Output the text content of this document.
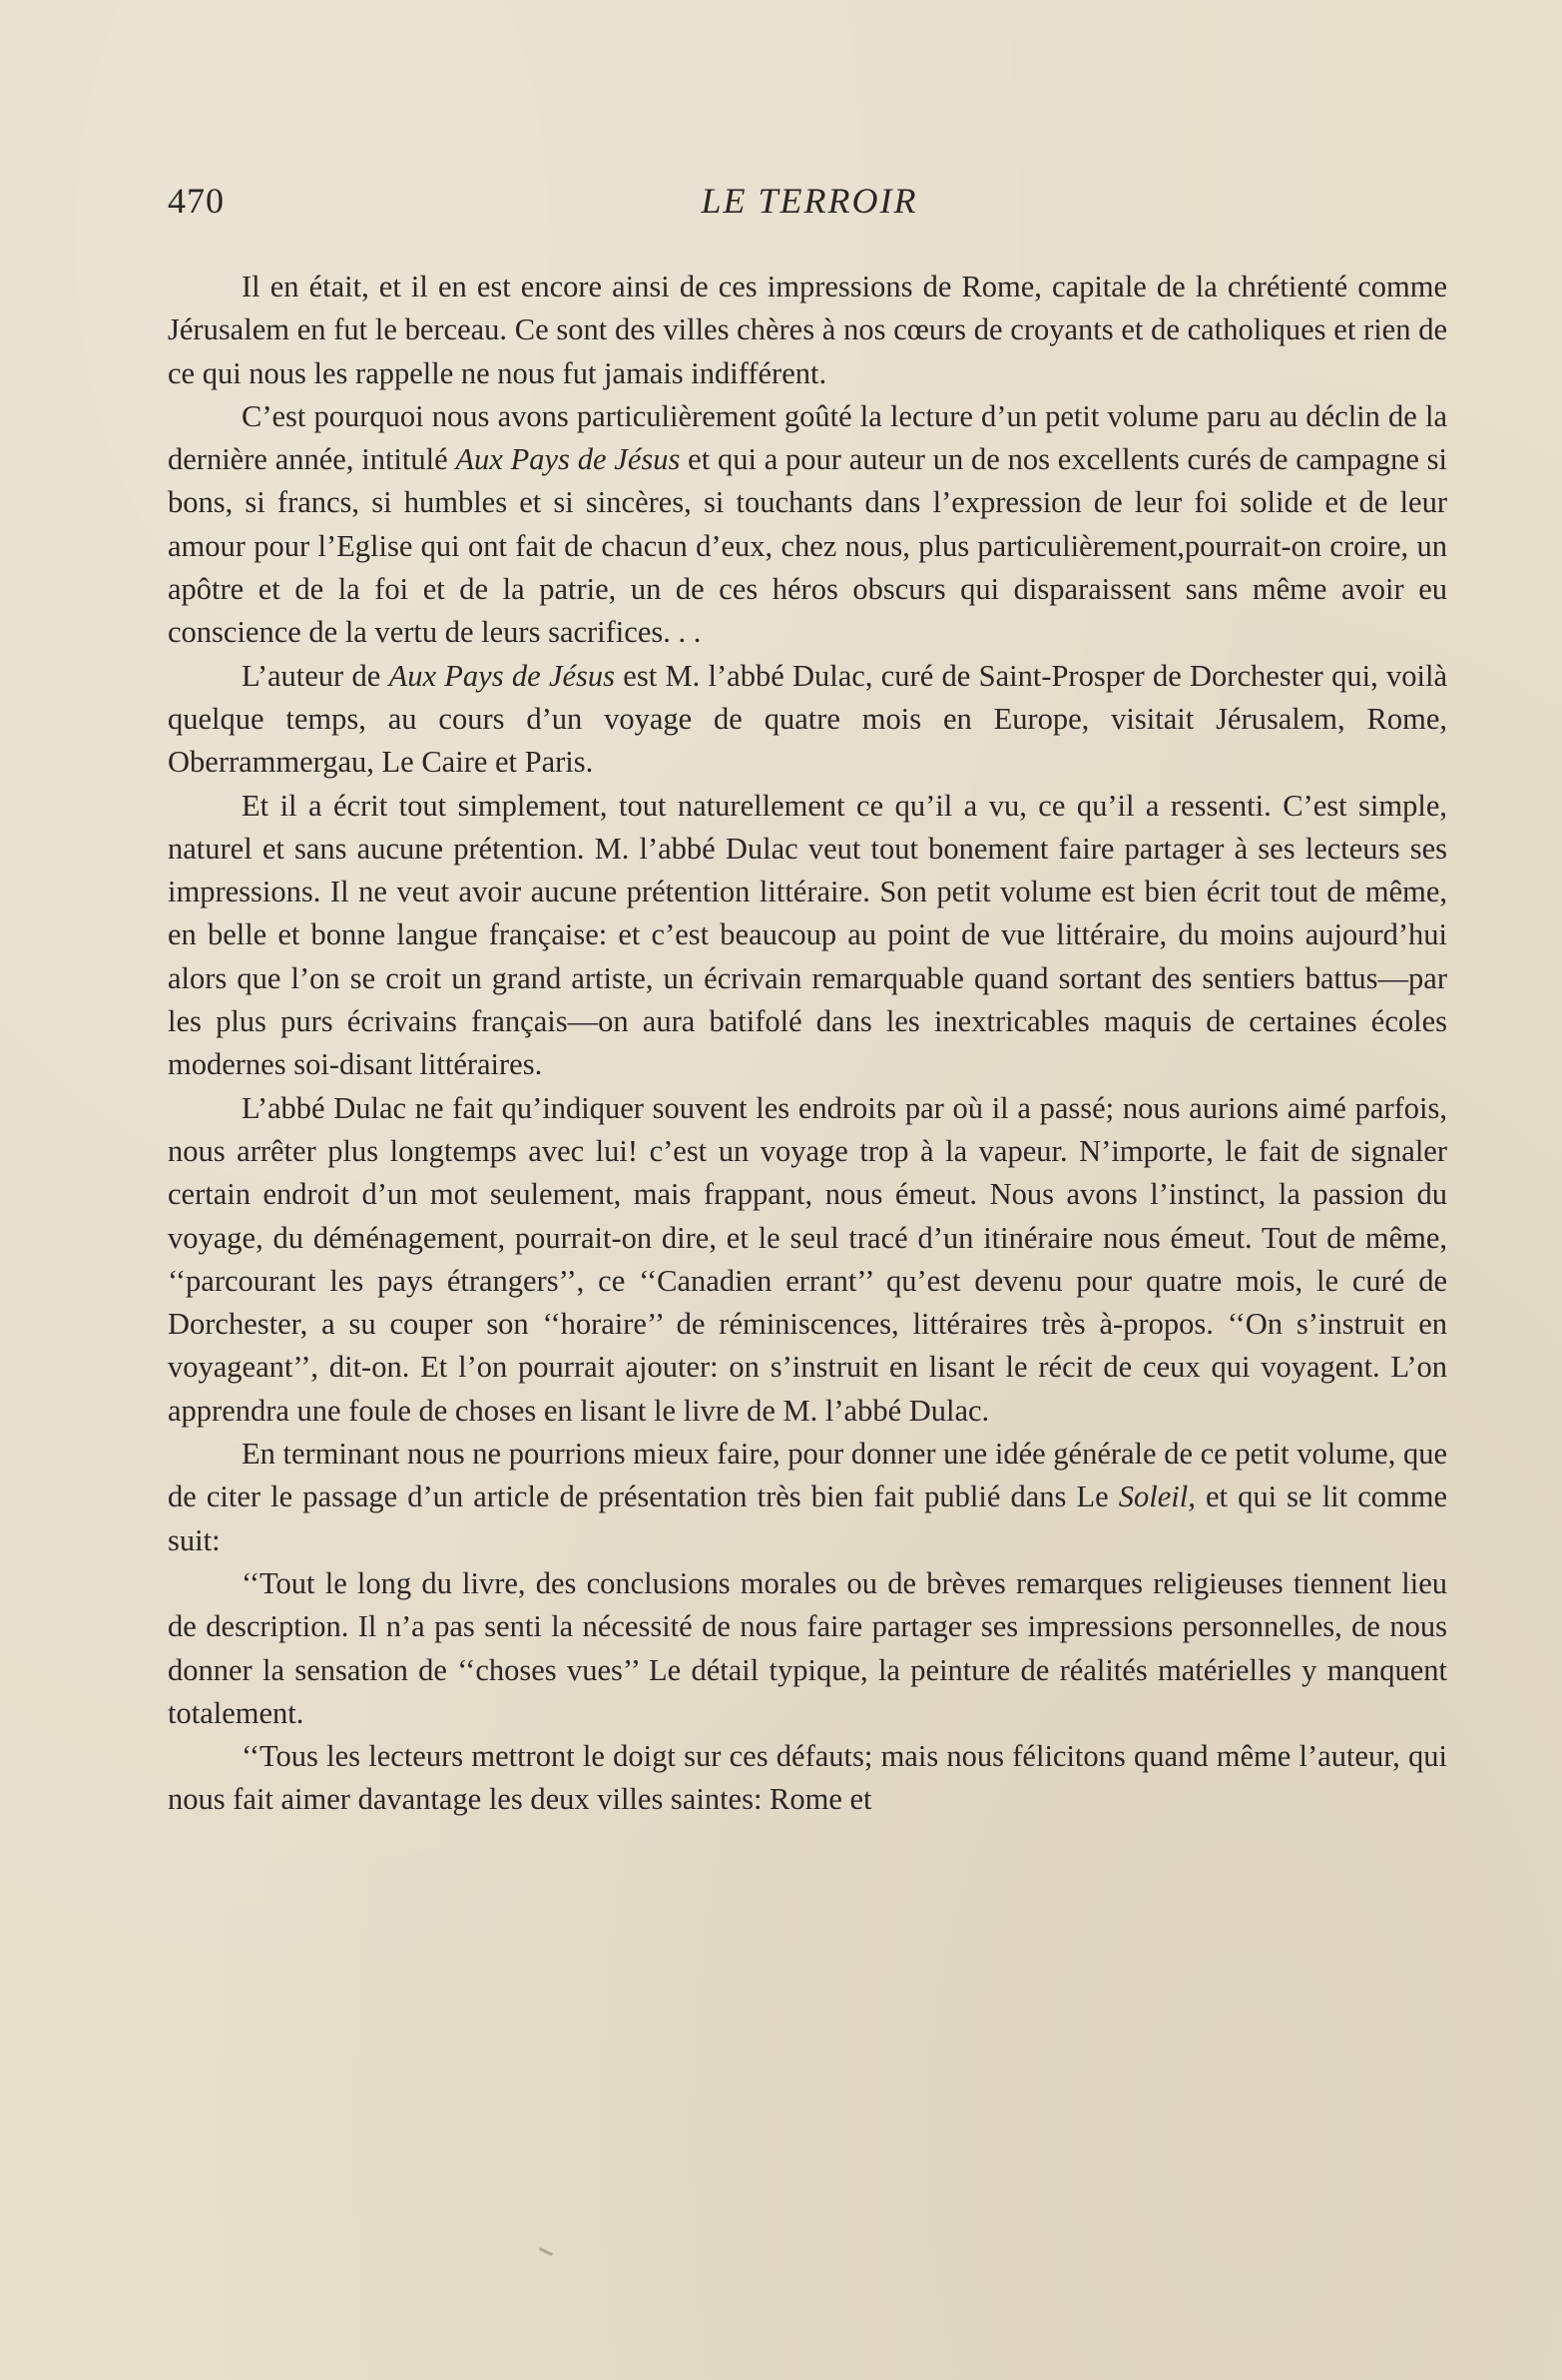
470	LE TERROIR

Il en était, et il en est encore ainsi de ces impressions de Rome, capitale de la chrétienté comme Jérusalem en fut le berceau. Ce sont des villes chères à nos cœurs de croyants et de catholiques et rien de ce qui nous les rappelle ne nous fut jamais indifférent.

C’est pourquoi nous avons particulièrement goûté la lecture d’un petit volume paru au déclin de la dernière année, intitulé Aux Pays de Jésus et qui a pour auteur un de nos excellents curés de campagne si bons, si francs, si humbles et si sincères, si touchants dans l’expression de leur foi solide et de leur amour pour l’Eglise qui ont fait de chacun d’eux, chez nous, plus particulièrement,pourrait-on croire, un apôtre et de la foi et de la patrie, un de ces héros obscurs qui disparaissent sans même avoir eu conscience de la vertu de leurs sacrifices. . .

L’auteur de Aux Pays de Jésus est M. l’abbé Dulac, curé de Saint-Prosper de Dorchester qui, voilà quelque temps, au cours d’un voyage de quatre mois en Europe, visitait Jérusalem, Rome, Oberrammergau, Le Caire et Paris.

Et il a écrit tout simplement, tout naturellement ce qu’il a vu, ce qu’il a ressenti. C’est simple, naturel et sans aucune prétention. M. l’abbé Dulac veut tout bonement faire partager à ses lecteurs ses impressions. Il ne veut avoir aucune prétention littéraire. Son petit volume est bien écrit tout de même, en belle et bonne langue française: et c’est beaucoup au point de vue littéraire, du moins aujourd’hui alors que l’on se croit un grand artiste, un écrivain remarquable quand sortant des sentiers battus—par les plus purs écrivains français—on aura batifolé dans les inextricables maquis de certaines écoles modernes soi-disant littéraires.

L’abbé Dulac ne fait qu’indiquer souvent les endroits par où il a passé; nous aurions aimé parfois, nous arrêter plus longtemps avec lui! c’est un voyage trop à la vapeur. N’importe, le fait de signaler certain endroit d’un mot seulement, mais frappant, nous émeut. Nous avons l’instinct, la passion du voyage, du déménagement, pourrait-on dire, et le seul tracé d’un itinéraire nous émeut. Tout de même, ‘‘parcourant les pays étrangers’’, ce ‘‘Canadien errant’’ qu’est devenu pour quatre mois, le curé de Dorchester, a su couper son ‘‘horaire’’ de réminiscences, littéraires très à-propos. ‘‘On s’instruit en voyageant’’, dit-on. Et l’on pourrait ajouter: on s’instruit en lisant le récit de ceux qui voyagent. L’on apprendra une foule de choses en lisant le livre de M. l’abbé Dulac.

En terminant nous ne pourrions mieux faire, pour donner une idée générale de ce petit volume, que de citer le passage d’un article de présentation très bien fait publié dans Le Soleil, et qui se lit comme suit:

‘‘Tout le long du livre, des conclusions morales ou de brèves remarques religieuses tiennent lieu de description. Il n’a pas senti la nécessité de nous faire partager ses impressions personnelles, de nous donner la sensation de ‘‘choses vues’’ Le détail typique, la peinture de réalités matérielles y manquent totalement.

‘‘Tous les lecteurs mettront le doigt sur ces défauts; mais nous félicitons quand même l’auteur, qui nous fait aimer davantage les deux villes saintes: Rome et
